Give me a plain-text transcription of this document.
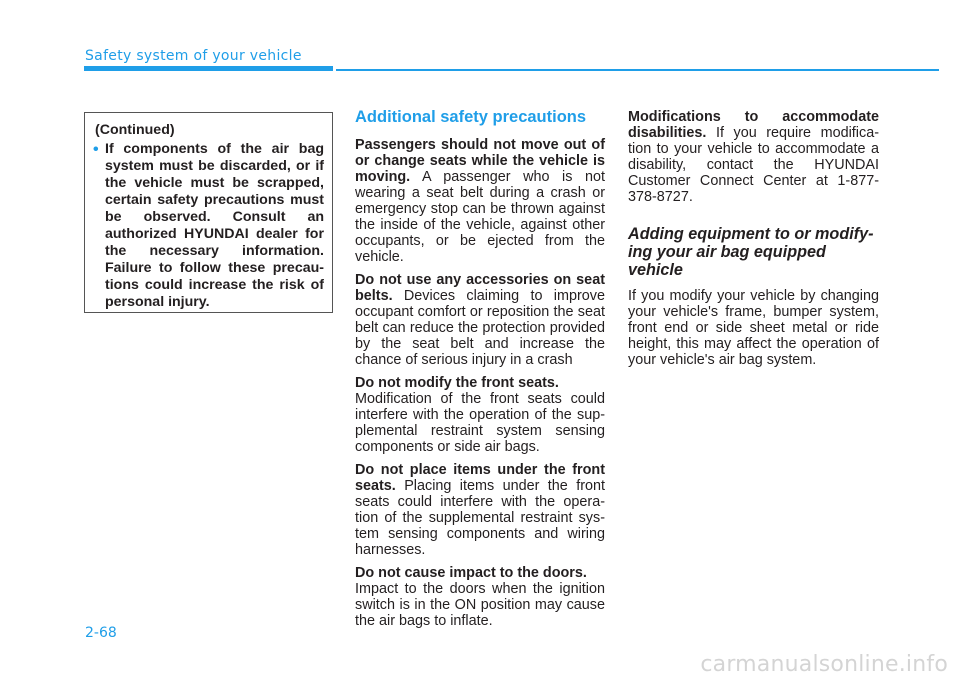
Safety system of your vehicle
(Continued)
• If components of the air bag system must be discarded, or if the vehicle must be scrapped, certain safety precautions must be observed. Consult an authorized HYUNDAI dealer for the necessary information. Failure to follow these precau-tions could increase the risk of personal injury.
Additional safety precautions
Passengers should not move out of or change seats while the vehicle is moving. A passenger who is not wearing a seat belt during a crash or emergency stop can be thrown against the inside of the vehicle, against other occupants, or be ejected from the vehicle.
Do not use any accessories on seat belts. Devices claiming to improve occupant comfort or reposition the seat belt can reduce the protection provided by the seat belt and increase the chance of serious injury in a crash
Do not modify the front seats.
Modification of the front seats could interfere with the operation of the sup-plemental restraint system sensing components or side air bags.
Do not place items under the front seats. Placing items under the front seats could interfere with the opera-tion of the supplemental restraint sys-tem sensing components and wiring harnesses.
Do not cause impact to the doors.
Impact to the doors when the ignition switch is in the ON position may cause the air bags to inflate.
Modifications to accommodate disabilities. If you require modifica-tion to your vehicle to accommodate a disability, contact the HYUNDAI Customer Connect Center at 1-877-378-8727.
Adding equipment to or modify-ing your air bag equipped vehicle
If you modify your vehicle by changing your vehicle's frame, bumper system, front end or side sheet metal or ride height, this may affect the operation of your vehicle's air bag system.
2-68
carmanualsonline.info
